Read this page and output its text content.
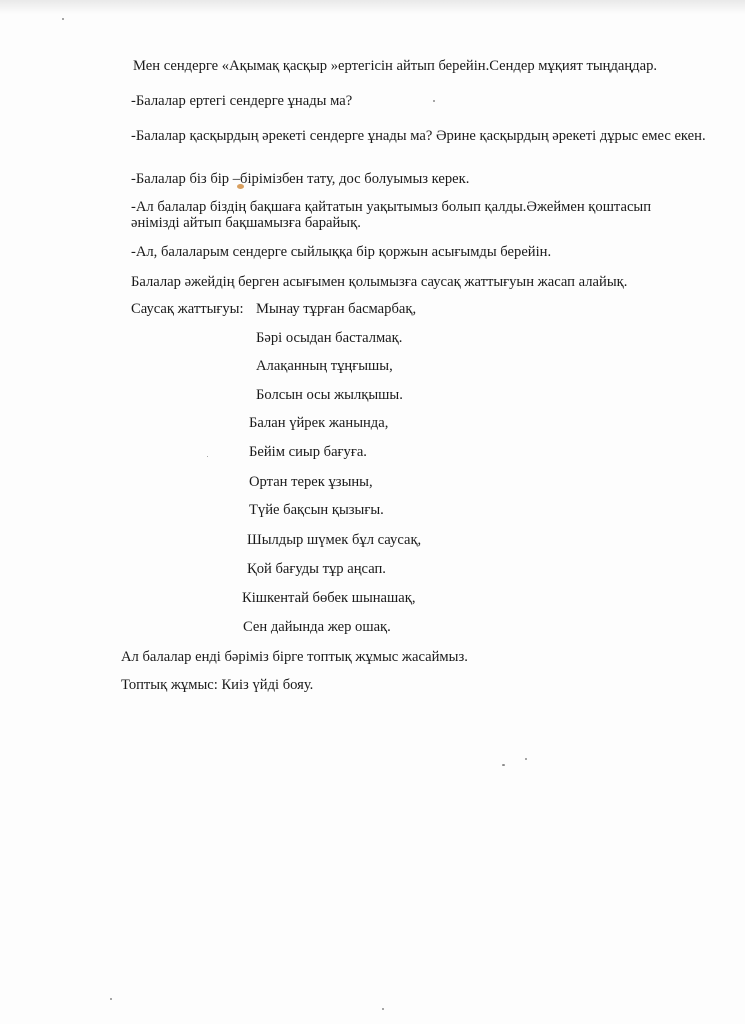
Мен сендерге «Ақымақ қасқыр »ертегісін айтып берейін.Сендер мұқият тыңдаңдар.
-Балалар ертегі сендерге ұнады ма?
-Балалар қасқырдың әрекеті сендерге ұнады ма? Әрине қасқырдың әрекеті дұрыс емес екен.
-Балалар біз бір –бірімізбен тату, дос болуымыз керек.
-Ал балалар біздің бақшаға қайтатын уақытымыз болып қалды.Әжеймен қоштасып әнімізді айтып бақшамызға барайық.
-Ал, балаларым сендерге сыйлыққа бір қоржын асығымды берейін.
Балалар әжейдің берген асығымен қолымызға саусақ жаттығуын жасап алайық.
Саусақ жаттығуы: Мынау тұрған басмарбақ,
Бәрі осыдан басталмақ.
Алақанның тұңғышы,
Болсын осы жылқышы.
Балан үйрек жанында,
Бейім сиыр бағуға.
Ортан терек ұзыны,
Түйе бақсын қызығы.
Шылдыр шүмек бұл саусақ,
Қой бағуды тұр аңсап.
Кішкентай бөбек шынашақ,
Сен дайында жер ошақ.
Ал балалар енді бәріміз бірге топтық жұмыс жасаймыз.
Топтық жұмыс: Киіз үйді бояу.
